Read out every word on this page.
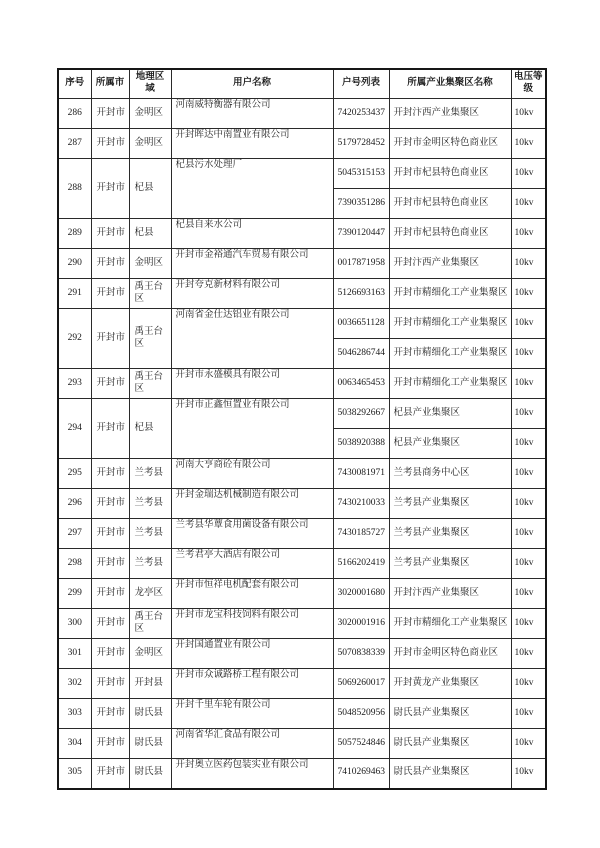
序号	所属市	地理区域	用户名称	户号列表	所属产业集聚区名称	电压等级
286	开封市	金明区	河南威特衡器有限公司	7420253437	开封汴西产业集聚区	10kv
287	开封市	金明区	开封晖达中南置业有限公司	5179728452	开封市金明区特色商业区	10kv
288	开封市	杞县	杞县污水处理厂	5045315153	开封市杞县特色商业区	10kv
				7390351286	开封市杞县特色商业区	10kv
289	开封市	杞县	杞县自来水公司	7390120447	开封市杞县特色商业区	10kv
290	开封市	金明区	开封市金裕通汽车贸易有限公司	0017871958	开封汴西产业集聚区	10kv
291	开封市	禹王台区	开封夸克新材料有限公司	5126693163	开封市精细化工产业集聚区	10kv
292	开封市	禹王台区	河南省金仕达铝业有限公司	0036651128	开封市精细化工产业集聚区	10kv
				5046286744	开封市精细化工产业集聚区	10kv
293	开封市	禹王台区	开封市永盛模具有限公司	0063465453	开封市精细化工产业集聚区	10kv
294	开封市	杞县	开封市正鑫恒置业有限公司	5038292667	杞县产业集聚区	10kv
				5038920388	杞县产业集聚区	10kv
295	开封市	兰考县	河南大亨商砼有限公司	7430081971	兰考县商务中心区	10kv
296	开封市	兰考县	开封金瑞达机械制造有限公司	7430210033	兰考县产业集聚区	10kv
297	开封市	兰考县	兰考县华蕈食用菌设备有限公司	7430185727	兰考县产业集聚区	10kv
298	开封市	兰考县	兰考君亭大酒店有限公司	5166202419	兰考县产业集聚区	10kv
299	开封市	龙亭区	开封市恒祥电机配套有限公司	3020001680	开封汴西产业集聚区	10kv
300	开封市	禹王台区	开封市龙宝科技饲料有限公司	3020001916	开封市精细化工产业集聚区	10kv
301	开封市	金明区	开封国通置业有限公司	5070838339	开封市金明区特色商业区	10kv
302	开封市	开封县	开封市众诚路桥工程有限公司	5069260017	开封黄龙产业集聚区	10kv
303	开封市	尉氏县	开封千里车轮有限公司	5048520956	尉氏县产业集聚区	10kv
304	开封市	尉氏县	河南省华汇食品有限公司	5057524846	尉氏县产业集聚区	10kv
305	开封市	尉氏县	开封奥立医药包装实业有限公司	7410269463	尉氏县产业集聚区	10kv
